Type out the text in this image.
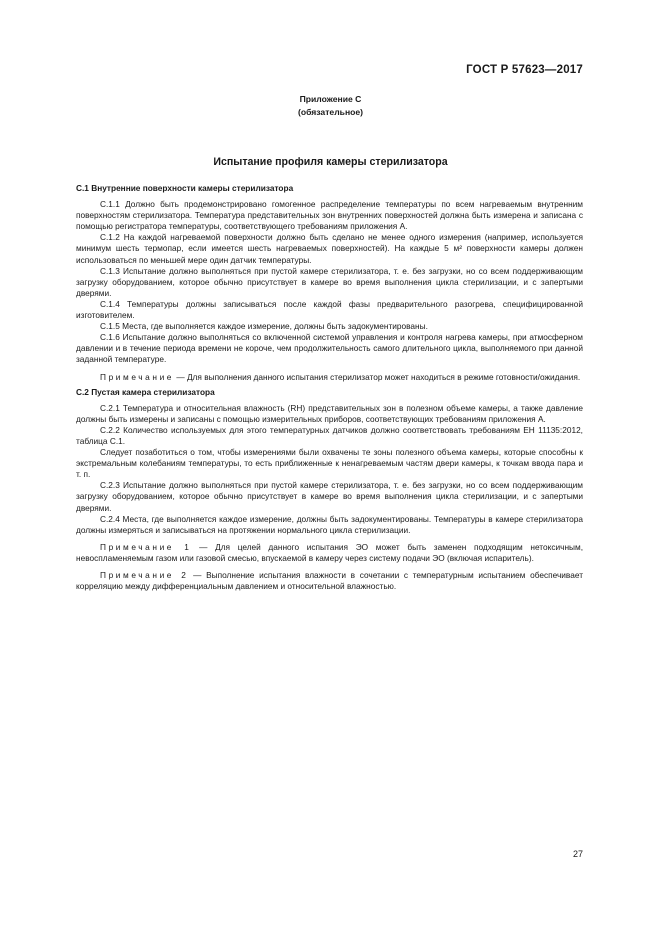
ГОСТ Р 57623—2017
Приложение С
(обязательное)
Испытание профиля камеры стерилизатора
С.1 Внутренние поверхности камеры стерилизатора

С.1.1 Должно быть продемонстрировано гомогенное распределение температуры по всем нагреваемым внутренним поверхностям стерилизатора. Температура представительных зон внутренних поверхностей должна быть измерена и записана с помощью регистратора температуры, соответствующего требованиям приложения А.

С.1.2 На каждой нагреваемой поверхности должно быть сделано не менее одного измерения (например, используется минимум шесть термопар, если имеется шесть нагреваемых поверхностей). На каждые 5 м² поверхности камеры должен использоваться по меньшей мере один датчик температуры.

С.1.3 Испытание должно выполняться при пустой камере стерилизатора, т. е. без загрузки, но со всем поддерживающим загрузку оборудованием, которое обычно присутствует в камере во время выполнения цикла стерилизации, и с запертыми дверями.

С.1.4 Температуры должны записываться после каждой фазы предварительного разогрева, специфицированной изготовителем.

С.1.5 Места, где выполняется каждое измерение, должны быть задокументированы.

С.1.6 Испытание должно выполняться со включенной системой управления и контроля нагрева камеры, при атмосферном давлении и в течение периода времени не короче, чем продолжительность самого длительного цикла, выполняемого при данной заданной температуре.

Примечание — Для выполнения данного испытания стерилизатор может находиться в режиме готовности/ожидания.

С.2 Пустая камера стерилизатора

С.2.1 Температура и относительная влажность (RH) представительных зон в полезном объеме камеры, а также давление должны быть измерены и записаны с помощью измерительных приборов, соответствующих требованиям приложения А.

С.2.2 Количество используемых для этого температурных датчиков должно соответствовать требованиям ЕН 11135:2012, таблица С.1.

Следует позаботиться о том, чтобы измерениями были охвачены те зоны полезного объема камеры, которые способны к экстремальным колебаниям температуры, то есть приближенные к ненагреваемым частям двери камеры, к точкам ввода пара и т. п.

С.2.3 Испытание должно выполняться при пустой камере стерилизатора, т. е. без загрузки, но со всем поддерживающим загрузку оборудованием, которое обычно присутствует в камере во время выполнения цикла стерилизации, и с запертыми дверями.

С.2.4 Места, где выполняется каждое измерение, должны быть задокументированы. Температуры в камере стерилизатора должны измеряться и записываться на протяжении нормального цикла стерилизации.

Примечание 1 — Для целей данного испытания ЭО может быть заменен подходящим нетоксичным, невоспламеняемым газом или газовой смесью, впускаемой в камеру через систему подачи ЭО (включая испаритель).

Примечание 2 — Выполнение испытания влажности в сочетании с температурным испытанием обеспечивает корреляцию между дифференциальным давлением и относительной влажностью.

27
